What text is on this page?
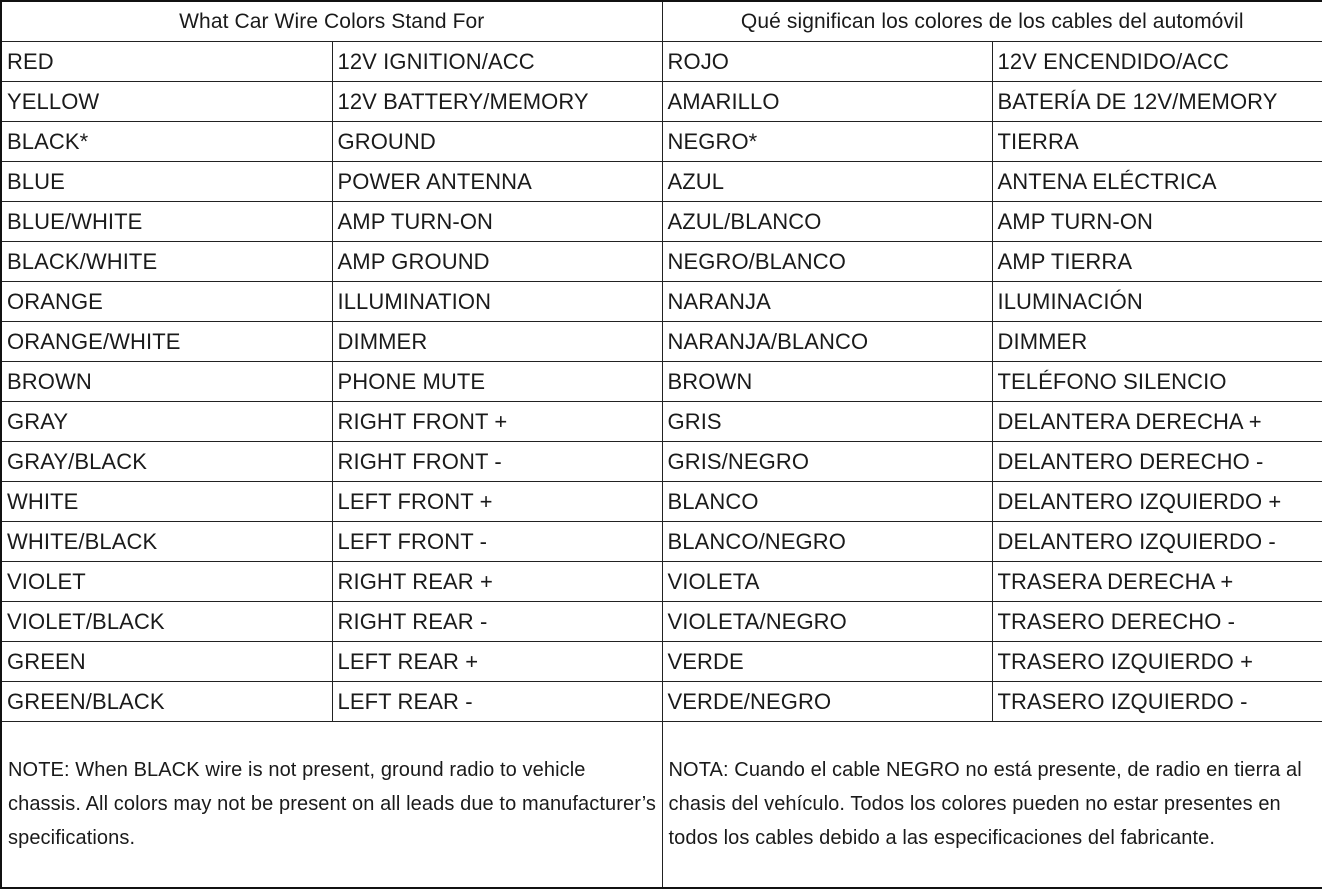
What Car Wire Colors Stand For		Qué significan los colores de los cables del automóvil	
RED	12V IGNITION/ACC	ROJO	12V ENCENDIDO/ACC
YELLOW	12V BATTERY/MEMORY	AMARILLO	BATERÍA DE 12V/MEMORY
BLACK*	GROUND	NEGRO*	TIERRA
BLUE	POWER ANTENNA	AZUL	ANTENA ELÉCTRICA
BLUE/WHITE	AMP TURN-ON	AZUL/BLANCO	AMP TURN-ON
BLACK/WHITE	AMP GROUND	NEGRO/BLANCO	AMP TIERRA
ORANGE	ILLUMINATION	NARANJA	ILUMINACIÓN
ORANGE/WHITE	DIMMER	NARANJA/BLANCO	DIMMER
BROWN	PHONE MUTE	BROWN	TELÉFONO SILENCIO
GRAY	RIGHT FRONT +	GRIS	DELANTERA DERECHA +
GRAY/BLACK	RIGHT FRONT -	GRIS/NEGRO	DELANTERO DERECHO -
WHITE	LEFT FRONT +	BLANCO	DELANTERO IZQUIERDO +
WHITE/BLACK	LEFT FRONT -	BLANCO/NEGRO	DELANTERO IZQUIERDO -
VIOLET	RIGHT REAR +	VIOLETA	TRASERA DERECHA +
VIOLET/BLACK	RIGHT REAR -	VIOLETA/NEGRO	TRASERO DERECHO -
GREEN	LEFT REAR +	VERDE	TRASERO IZQUIERDO +
GREEN/BLACK	LEFT REAR -	VERDE/NEGRO	TRASERO IZQUIERDO -
NOTE: When BLACK wire is not present, ground radio to vehicle chassis. All colors may not be present on all leads due to manufacturer’s specifications.		NOTA: Cuando el cable NEGRO no está presente, de radio en tierra al chasis del vehículo. Todos los colores pueden no estar presentes en todos los cables debido a las especificaciones del fabricante.	
